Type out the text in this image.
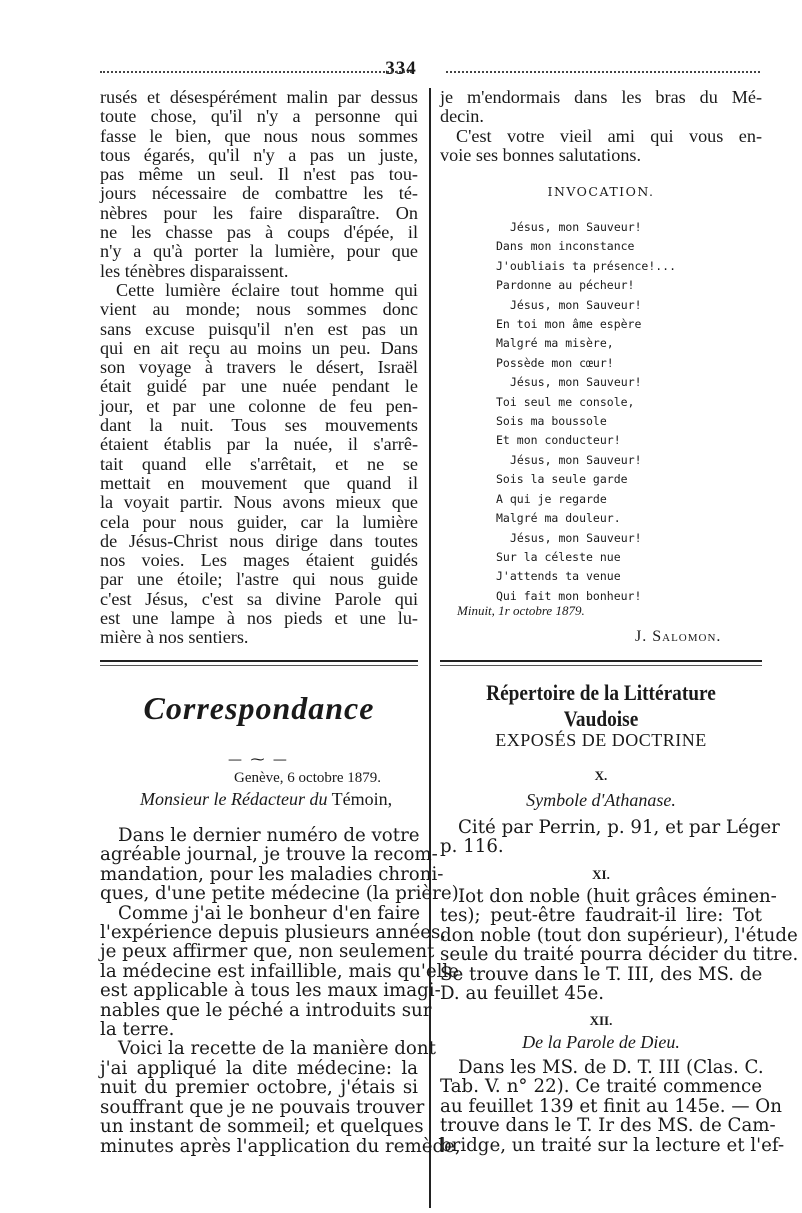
334
rusés et désespérément malin par dessus
toute chose, qu'il n'y a personne qui
fasse le bien, que nous nous sommes
tous égarés, qu'il n'y a pas un juste,
pas même un seul. Il n'est pas tou-
jours nécessaire de combattre les té-
nèbres pour les faire disparaître. On
ne les chasse pas à coups d'épée, il
n'y a qu'à porter la lumière, pour que
les ténèbres disparaissent.
Cette lumière éclaire tout homme qui
vient au monde; nous sommes donc
sans excuse puisqu'il n'en est pas un
qui en ait reçu au moins un peu. Dans
son voyage à travers le désert, Israël
était guidé par une nuée pendant le
jour, et par une colonne de feu pen-
dant la nuit. Tous ses mouvements
étaient établis par la nuée, il s'arrê-
tait quand elle s'arrêtait, et ne se
mettait en mouvement que quand il
la voyait partir. Nous avons mieux que
cela pour nous guider, car la lumière
de Jésus-Christ nous dirige dans toutes
nos voies. Les mages étaient guidés
par une étoile; l'astre qui nous guide
c'est Jésus, c'est sa divine Parole qui
est une lampe à nos pieds et une lu-
mière à nos sentiers.
je m'endormais dans les bras du Mé-
decin.
C'est votre vieil ami qui vous en-
voie ses bonnes salutations.
INVOCATION.
Jésus, mon Sauveur!
Dans mon inconstance
J'oubliais ta présence!...
Pardonne au pécheur!
Jésus, mon Sauveur!
En toi mon âme espère
Malgré ma misère,
Possède mon cœur!
Jésus, mon Sauveur!
Toi seul me console,
Sois ma boussole
Et mon conducteur!
Jésus, mon Sauveur!
Sois la seule garde
A qui je regarde
Malgré ma douleur.
Jésus, mon Sauveur!
Sur la céleste nue
J'attends ta venue
Qui fait mon bonheur!
Minuit, 1r octobre 1879.
J. Salomon.
Correspondance
— ⁓ —
Genève, 6 octobre 1879.
Monsieur le Rédacteur du Témoin,
Dans le dernier numéro de votre
agréable journal, je trouve la recom-
mandation, pour les maladies chroni-
ques, d'une petite médecine (la prière).
Comme j'ai le bonheur d'en faire
l'expérience depuis plusieurs années,
je peux affirmer que, non seulement
la médecine est infaillible, mais qu'elle
est applicable à tous les maux imagi-
nables que le péché a introduits sur
la terre.
Voici la recette de la manière dont
j'ai appliqué la dite médecine: la
nuit du premier octobre, j'étais si
souffrant que je ne pouvais trouver
un instant de sommeil; et quelques
minutes après l'application du remède,
Répertoire de la Littérature Vaudoise
EXPOSÉS DE DOCTRINE
X.
Symbole d'Athanase.
Cité par Perrin, p. 91, et par Léger
p. 116.
XI.
Iot don noble (huit grâces éminen-
tes); peut-être faudrait-il lire: Tot
don noble (tout don supérieur), l'étude
seule du traité pourra décider du titre.
Se trouve dans le T. III, des MS. de
D. au feuillet 45e.
XII.
De la Parole de Dieu.
Dans les MS. de D. T. III (Clas. C.
Tab. V. n° 22). Ce traité commence
au feuillet 139 et finit au 145e. — On
trouve dans le T. Ir des MS. de Cam-
bridge, un traité sur la lecture et l'ef-
